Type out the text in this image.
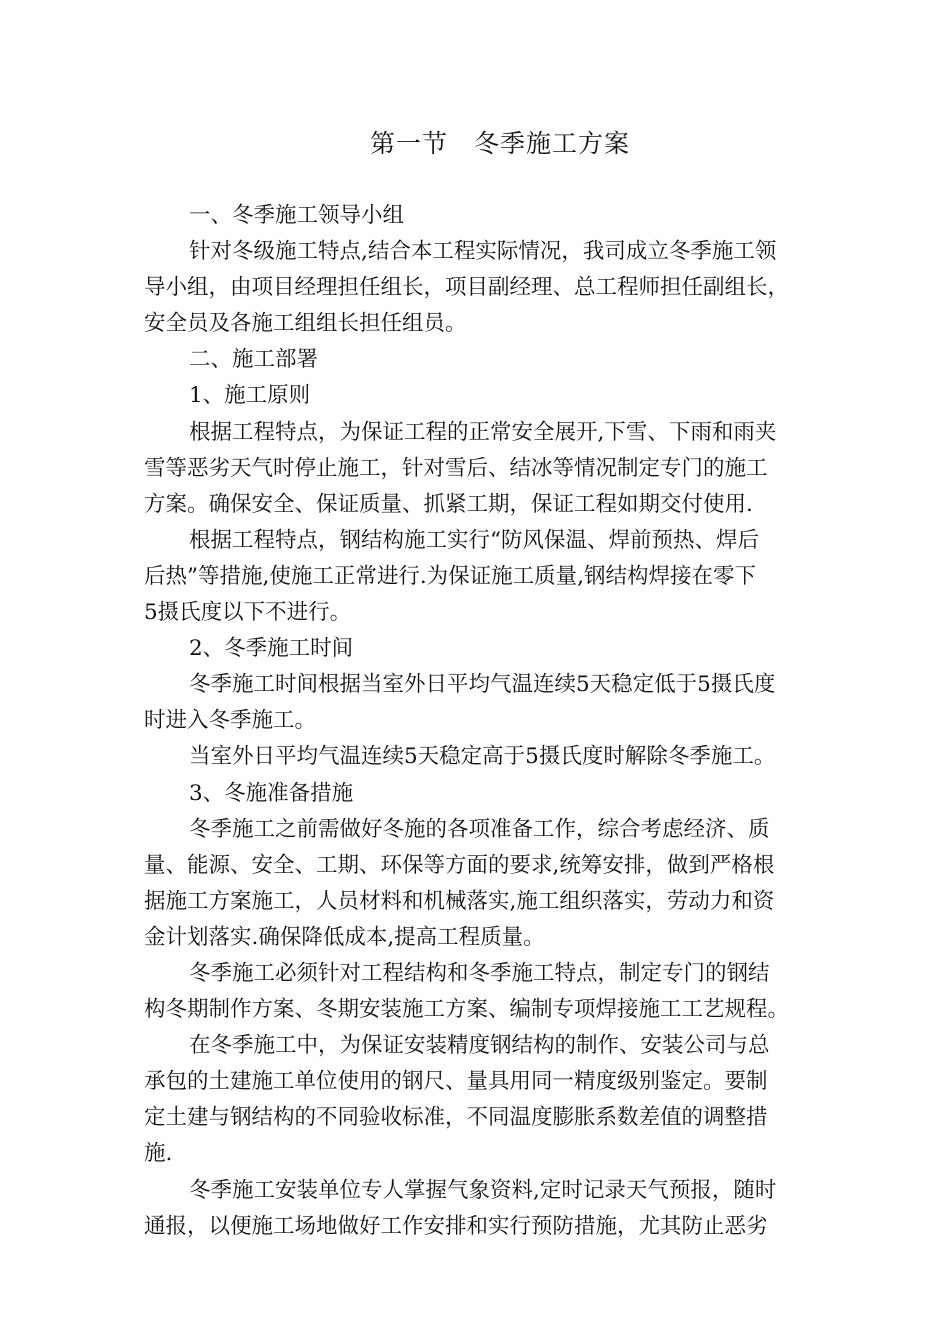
第一节　冬季施工方案
一、冬季施工领导小组
针对冬级施工特点,结合本工程实际情况，我司成立冬季施工领
导小组，由项目经理担任组长，项目副经理、总工程师担任副组长，
安全员及各施工组组长担任组员。
二、施工部署
1、施工原则
根据工程特点，为保证工程的正常安全展开,下雪、下雨和雨夹
雪等恶劣天气时停止施工，针对雪后、结冰等情况制定专门的施工
方案。确保安全、保证质量、抓紧工期，保证工程如期交付使用.
根据工程特点，钢结构施工实行“防风保温、焊前预热、焊后
后热”等措施,使施工正常进行.为保证施工质量,钢结构焊接在零下
5摄氏度以下不进行。
2、冬季施工时间
冬季施工时间根据当室外日平均气温连续5天稳定低于5摄氏度
时进入冬季施工。
当室外日平均气温连续5天稳定高于5摄氏度时解除冬季施工。
3、冬施准备措施
冬季施工之前需做好冬施的各项准备工作，综合考虑经济、质
量、能源、安全、工期、环保等方面的要求,统筹安排，做到严格根
据施工方案施工，人员材料和机械落实,施工组织落实，劳动力和资
金计划落实.确保降低成本,提高工程质量。
冬季施工必须针对工程结构和冬季施工特点，制定专门的钢结
构冬期制作方案、冬期安装施工方案、编制专项焊接施工工艺规程。
在冬季施工中，为保证安装精度钢结构的制作、安装公司与总
承包的土建施工单位使用的钢尺、量具用同一精度级别鉴定。要制
定土建与钢结构的不同验收标准，不同温度膨胀系数差值的调整措
施.
冬季施工安装单位专人掌握气象资料,定时记录天气预报，随时
通报，以便施工场地做好工作安排和实行预防措施，尤其防止恶劣
